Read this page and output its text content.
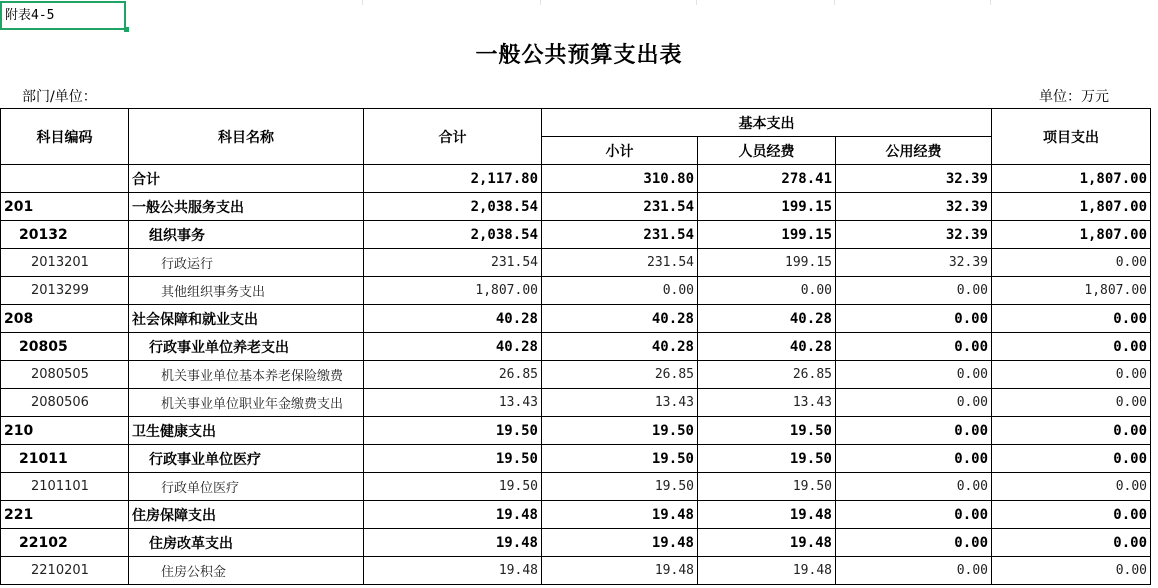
附表4-5
一般公共预算支出表
部门/单位：	单位：万元
科目编码	科目名称	合计	基本支出			项目支出
			小计	人员经费	公用经费	
	合计	2,117.80	310.80	278.41	32.39	1,807.00
201	一般公共服务支出	2,038.54	231.54	199.15	32.39	1,807.00
20132	组织事务	2,038.54	231.54	199.15	32.39	1,807.00
2013201	行政运行	231.54	231.54	199.15	32.39	0.00
2013299	其他组织事务支出	1,807.00	0.00	0.00	0.00	1,807.00
208	社会保障和就业支出	40.28	40.28	40.28	0.00	0.00
20805	行政事业单位养老支出	40.28	40.28	40.28	0.00	0.00
2080505	机关事业单位基本养老保险缴费	26.85	26.85	26.85	0.00	0.00
2080506	机关事业单位职业年金缴费支出	13.43	13.43	13.43	0.00	0.00
210	卫生健康支出	19.50	19.50	19.50	0.00	0.00
21011	行政事业单位医疗	19.50	19.50	19.50	0.00	0.00
2101101	行政单位医疗	19.50	19.50	19.50	0.00	0.00
221	住房保障支出	19.48	19.48	19.48	0.00	0.00
22102	住房改革支出	19.48	19.48	19.48	0.00	0.00
2210201	住房公积金	19.48	19.48	19.48	0.00	0.00
